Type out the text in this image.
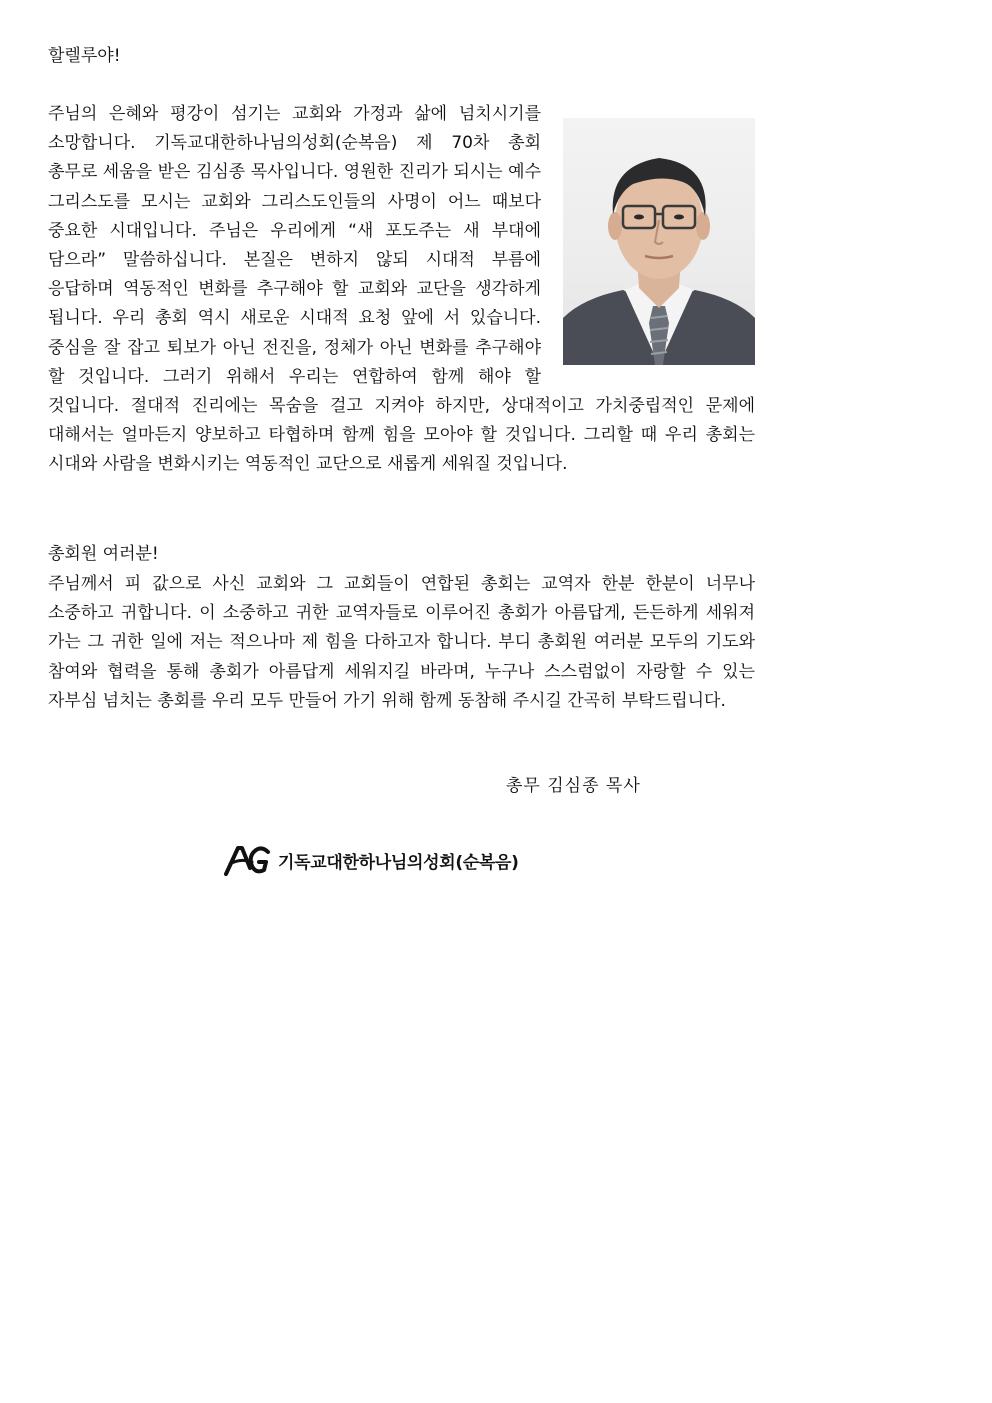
할렐루야!

주님의 은혜와 평강이 섬기는 교회와 가정과 삶에 넘치시기를 소망합니다. 기독교대한하나님의성회(순복음) 제 70차 총회 총무로 세움을 받은 김심종 목사입니다. 영원한 진리가 되시는 예수 그리스도를 모시는 교회와 그리스도인들의 사명이 어느 때보다 중요한 시대입니다. 주님은 우리에게 “새 포도주는 새 부대에 담으라” 말씀하십니다. 본질은 변하지 않되 시대적 부름에 응답하며 역동적인 변화를 추구해야 할 교회와 교단을 생각하게 됩니다. 우리 총회 역시 새로운 시대적 요청 앞에 서 있습니다. 중심을 잘 잡고 퇴보가 아닌 전진을, 정체가 아닌 변화를 추구해야 할 것입니다. 그러기 위해서 우리는 연합하여 함께 해야 할 것입니다. 절대적 진리에는 목숨을 걸고 지켜야 하지만, 상대적이고 가치중립적인 문제에 대해서는 얼마든지 양보하고 타협하며 함께 힘을 모아야 할 것입니다. 그리할 때 우리 총회는 시대와 사람을 변화시키는 역동적인 교단으로 새롭게 세워질 것입니다.

총회원 여러분!

주님께서 피 값으로 사신 교회와 그 교회들이 연합된 총회는 교역자 한분 한분이 너무나 소중하고 귀합니다. 이 소중하고 귀한 교역자들로 이루어진 총회가 아름답게, 든든하게 세워져 가는 그 귀한 일에 저는 적으나마 제 힘을 다하고자 합니다. 부디 총회원 여러분 모두의 기도와 참여와 협력을 통해 총회가 아름답게 세워지길 바라며, 누구나 스스럼없이 자랑할 수 있는 자부심 넘치는 총회를 우리 모두 만들어 가기 위해 함께 동참해 주시길 간곡히 부탁드립니다.

총무 김심종 목사

기독교대한하나님의성회(순복음)
